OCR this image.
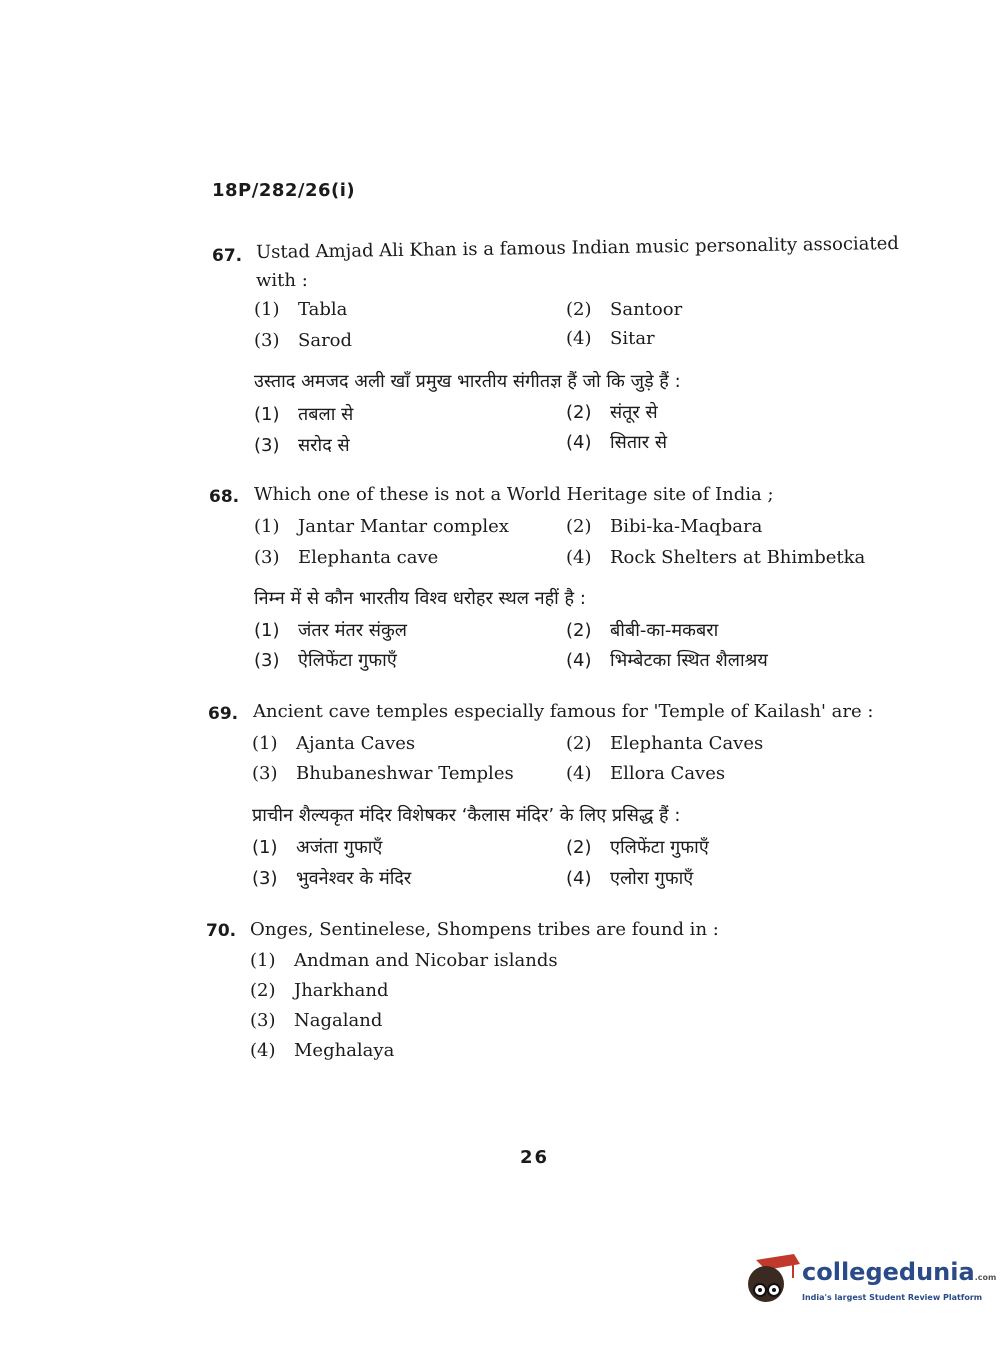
18P/282/26(i)
67. Ustad Amjad Ali Khan is a famous Indian music personality associated
with :
(1) Tabla	(2) Santoor
(3) Sarod	(4) Sitar
उस्ताद अमजद अली खाँ प्रमुख भारतीय संगीतज्ञ हैं जो कि जुड़े हैं :
(1) तबला से	(2) संतूर से
(3) सरोद से	(4) सितार से
68. Which one of these is not a World Heritage site of India ;
(1) Jantar Mantar complex	(2) Bibi-ka-Maqbara
(3) Elephanta cave	(4) Rock Shelters at Bhimbetka
निम्न में से कौन भारतीय विश्व धरोहर स्थल नहीं है :
(1) जंतर मंतर संकुल	(2) बीबी-का-मकबरा
(3) ऐलिफेंटा गुफाएँ	(4) भिम्बेटका स्थित शैलाश्रय
69. Ancient cave temples especially famous for 'Temple of Kailash' are :
(1) Ajanta Caves	(2) Elephanta Caves
(3) Bhubaneshwar Temples	(4) Ellora Caves
प्राचीन शैल्यकृत मंदिर विशेषकर ‘कैलास मंदिर’ के लिए प्रसिद्ध हैं :
(1) अजंता गुफाएँ	(2) एलिफेंटा गुफाएँ
(3) भुवनेश्वर के मंदिर	(4) एलोरा गुफाएँ
70. Onges, Sentinelese, Shompens tribes are found in :
(1) Andman and Nicobar islands
(2) Jharkhand
(3) Nagaland
(4) Meghalaya
26
collegedunia.com
India's largest Student Review Platform
